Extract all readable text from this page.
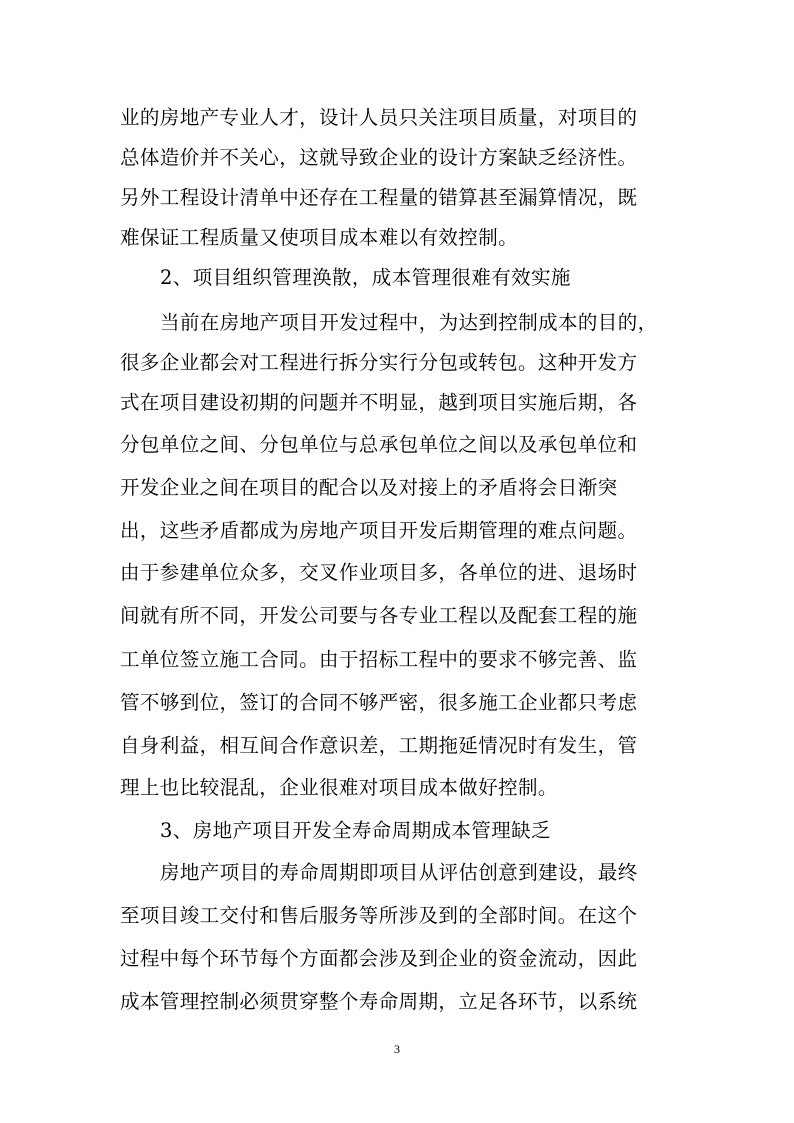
业的房地产专业人才，设计人员只关注项目质量，对项目的
总体造价并不关心，这就导致企业的设计方案缺乏经济性。
另外工程设计清单中还存在工程量的错算甚至漏算情况，既
难保证工程质量又使项目成本难以有效控制。
2、项目组织管理涣散，成本管理很难有效实施
当前在房地产项目开发过程中，为达到控制成本的目的，
很多企业都会对工程进行拆分实行分包或转包。这种开发方
式在项目建设初期的问题并不明显，越到项目实施后期，各
分包单位之间、分包单位与总承包单位之间以及承包单位和
开发企业之间在项目的配合以及对接上的矛盾将会日渐突
出，这些矛盾都成为房地产项目开发后期管理的难点问题。
由于参建单位众多，交叉作业项目多，各单位的进、退场时
间就有所不同，开发公司要与各专业工程以及配套工程的施
工单位签立施工合同。由于招标工程中的要求不够完善、监
管不够到位，签订的合同不够严密，很多施工企业都只考虑
自身利益，相互间合作意识差，工期拖延情况时有发生，管
理上也比较混乱，企业很难对项目成本做好控制。
3、房地产项目开发全寿命周期成本管理缺乏
房地产项目的寿命周期即项目从评估创意到建设，最终
至项目竣工交付和售后服务等所涉及到的全部时间。在这个
过程中每个环节每个方面都会涉及到企业的资金流动，因此
成本管理控制必须贯穿整个寿命周期，立足各环节，以系统
3
